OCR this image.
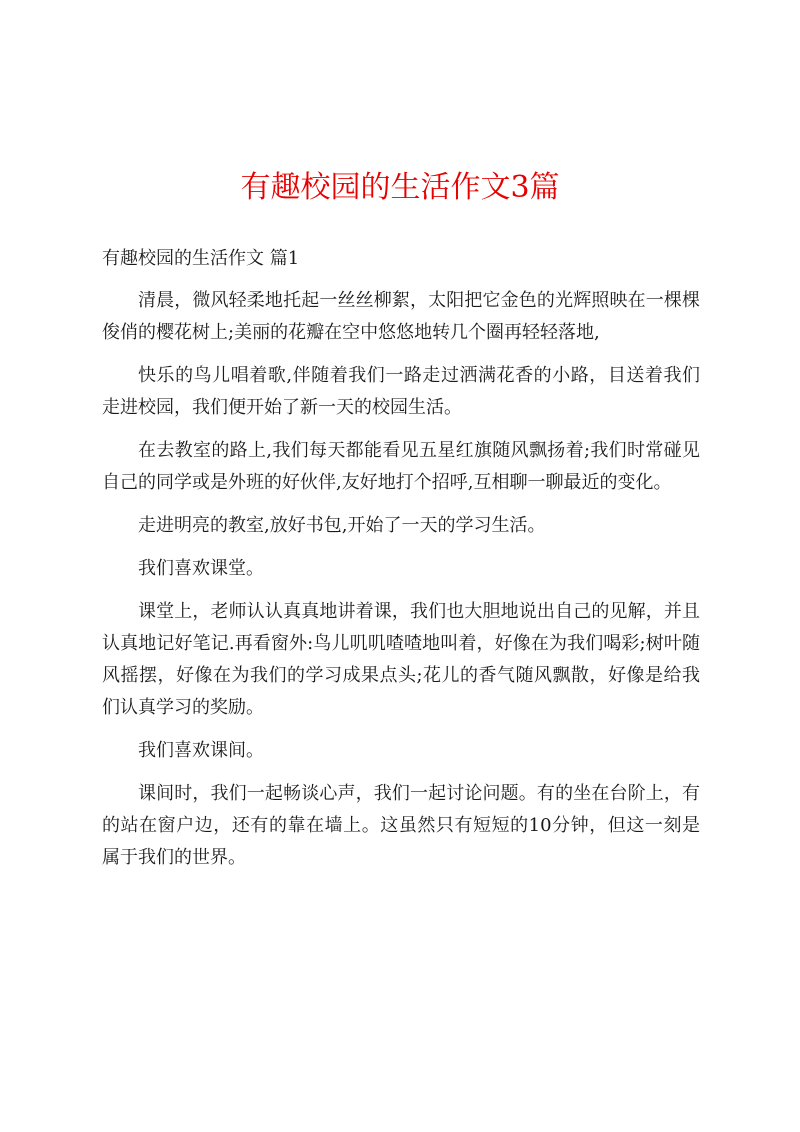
有趣校园的生活作文3篇

有趣校园的生活作文 篇1

清晨，微风轻柔地托起一丝丝柳絮，太阳把它金色的光辉照映在一棵棵俊俏的樱花树上;美丽的花瓣在空中悠悠地转几个圈再轻轻落地,

快乐的鸟儿唱着歌,伴随着我们一路走过洒满花香的小路，目送着我们走进校园，我们便开始了新一天的校园生活。

在去教室的路上,我们每天都能看见五星红旗随风飘扬着;我们时常碰见自己的同学或是外班的好伙伴,友好地打个招呼,互相聊一聊最近的变化。

走进明亮的教室,放好书包,开始了一天的学习生活。

我们喜欢课堂。

课堂上，老师认认真真地讲着课，我们也大胆地说出自己的见解，并且认真地记好笔记.再看窗外:鸟儿叽叽喳喳地叫着，好像在为我们喝彩;树叶随风摇摆，好像在为我们的学习成果点头;花儿的香气随风飘散，好像是给我们认真学习的奖励。

我们喜欢课间。

课间时，我们一起畅谈心声，我们一起讨论问题。有的坐在台阶上，有的站在窗户边，还有的靠在墙上。这虽然只有短短的10分钟，但这一刻是属于我们的世界。
